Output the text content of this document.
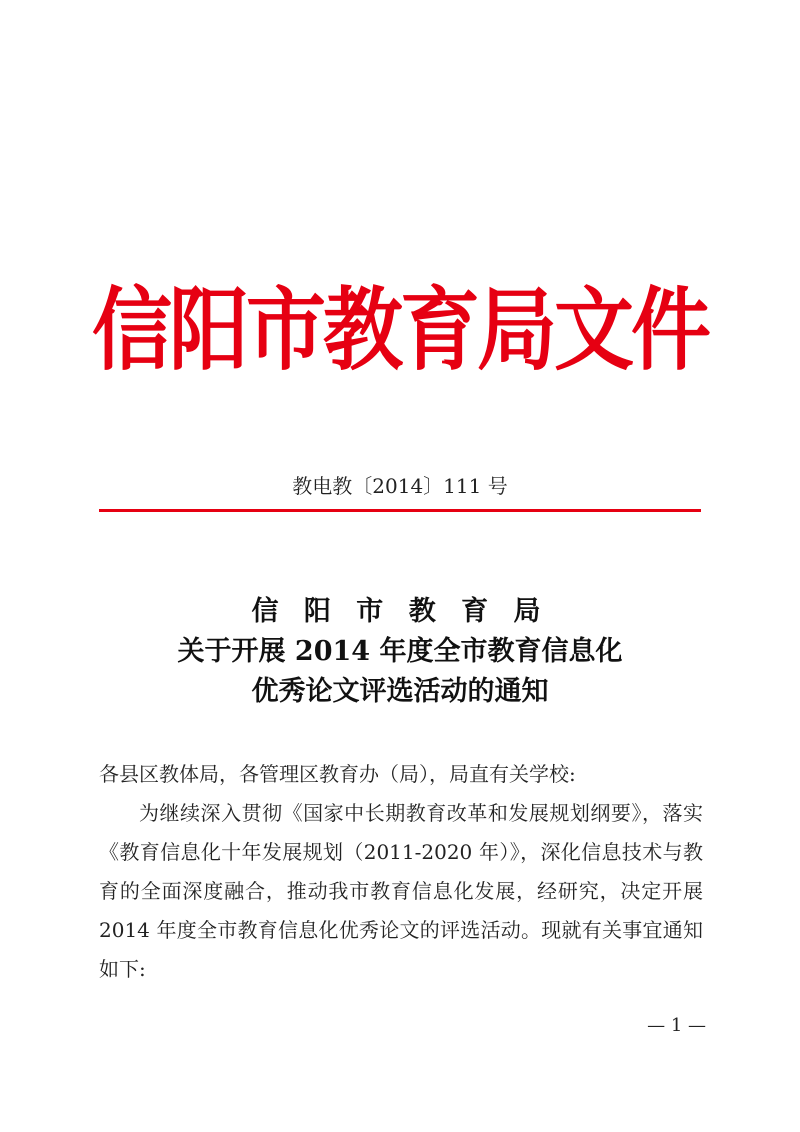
信阳市教育局文件
教电教〔2014〕111 号
信 阳 市 教 育 局
关于开展 2014 年度全市教育信息化
优秀论文评选活动的通知

各县区教体局，各管理区教育办（局），局直有关学校:

为继续深入贯彻《国家中长期教育改革和发展规划纲要》，落实《教育信息化十年发展规划（2011-2020 年）》，深化信息技术与教育的全面深度融合，推动我市教育信息化发展，经研究，决定开展 2014 年度全市教育信息化优秀论文的评选活动。现就有关事宜通知如下:

— 1 —
